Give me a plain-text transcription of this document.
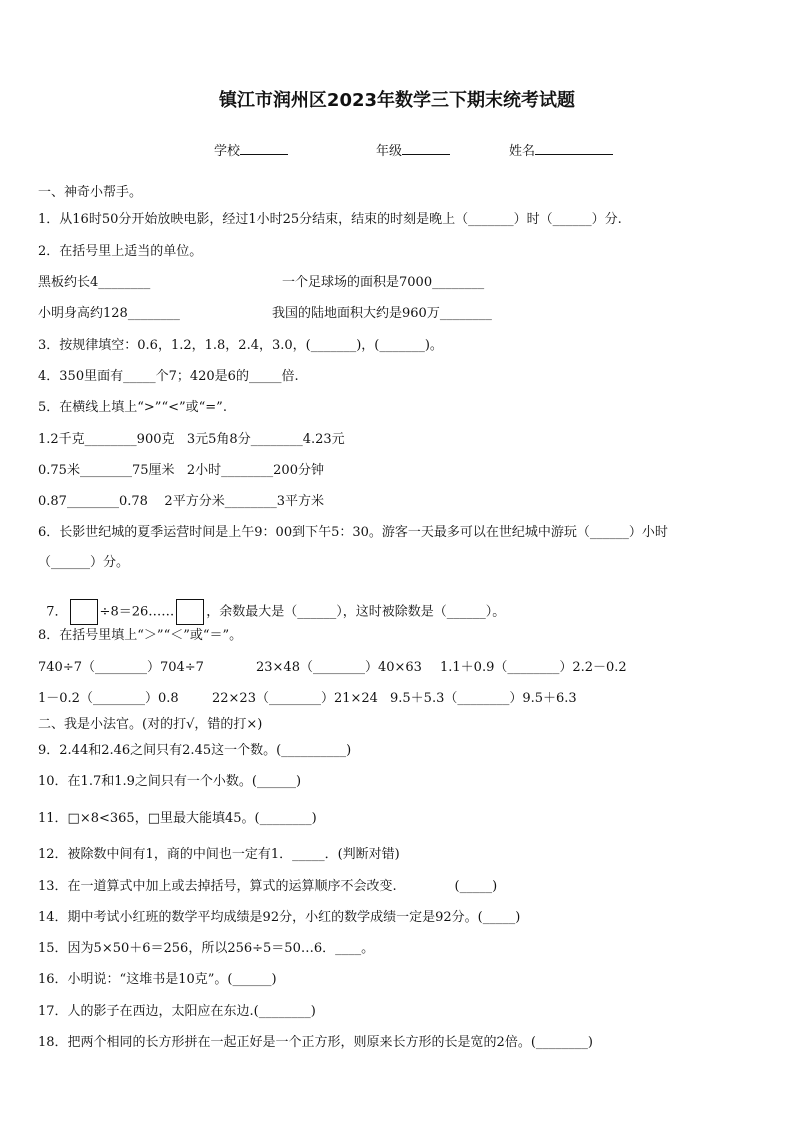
镇江市润州区2023年数学三下期末统考试题
学校	年级	姓名
一、神奇小帮手。
1．从16时50分开始放映电影，经过1小时25分结束，结束的时刻是晚上（_______）时（______）分.
2．在括号里上适当的单位。
黑板约长4________	一个足球场的面积是7000________
小明身高约128________	我国的陆地面积大约是960万________
3．按规律填空：0.6，1.2，1.8，2.4，3.0，(_______)，(_______)。
4．350里面有_____个7；420是6的_____倍.
5．在横线上填上“>”“<”或“=”.
1.2千克________900克   3元5角8分________4.23元
0.75米________75厘米   2小时________200分钟
0.87________0.78    2平方分米________3平方米
6．长影世纪城的夏季运营时间是上午9：00到下午5：30。游客一天最多可以在世纪城中游玩（______）小时
（______）分。

7． ÷8＝26…… ，余数最大是（______），这时被除数是（______）。

8．在括号里填上“＞”“＜”或“＝”。
740÷7（________）704÷7	23×48（________）40×63 1.1＋0.9（________）2.2－0.2
1－0.2（________）0.8	22×23（________）21×24 9.5＋5.3（________）9.5＋6.3
二、我是小法官。(对的打√，错的打×)
9．2.44和2.46之间只有2.45这一个数。(__________)
10．在1.7和1.9之间只有一个小数。(______)
11．□×8<365，□里最大能填45。(________)
12．被除数中间有1，商的中间也一定有1．_____．(判断对错)
13．在一道算式中加上或去掉括号，算式的运算顺序不会改变.              (_____)
14．期中考试小红班的数学平均成绩是92分，小红的数学成绩一定是92分。(_____)
15．因为5×50＋6＝256，所以256÷5＝50…6．____。
16．小明说：“这堆书是10克”。(______)
17．人的影子在西边，太阳应在东边.(________)
18．把两个相同的长方形拼在一起正好是一个正方形，则原来长方形的长是宽的2倍。(________)
